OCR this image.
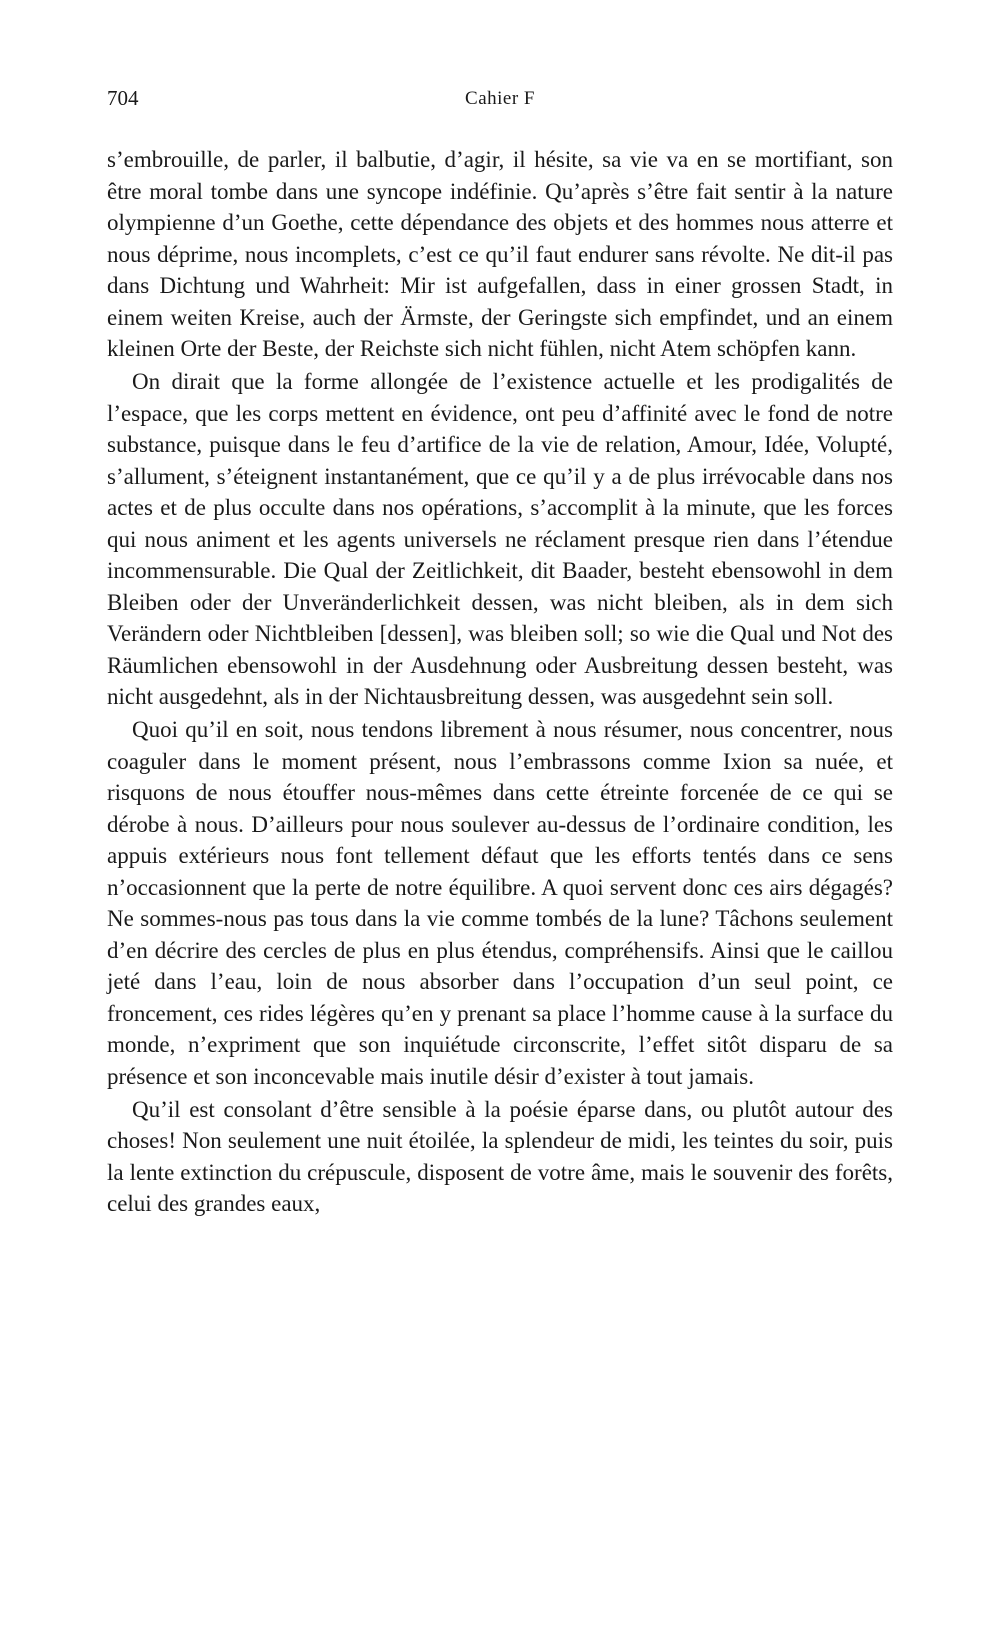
704	Cahier F

s’embrouille, de parler, il balbutie, d’agir, il hésite, sa vie va en se mortifiant, son être moral tombe dans une syncope indéfinie. Qu’après s’être fait sentir à la nature olympienne d’un Goethe, cette dépendance des objets et des hommes nous atterre et nous déprime, nous incomplets, c’est ce qu’il faut endurer sans révolte. Ne dit-il pas dans Dichtung und Wahrheit: Mir ist aufgefallen, dass in einer grossen Stadt, in einem weiten Kreise, auch der Ärmste, der Geringste sich empfindet, und an einem kleinen Orte der Beste, der Reichste sich nicht fühlen, nicht Atem schöpfen kann.

On dirait que la forme allongée de l’existence actuelle et les prodigalités de l’espace, que les corps mettent en évidence, ont peu d’affinité avec le fond de notre substance, puisque dans le feu d’artifice de la vie de relation, Amour, Idée, Volupté, s’allument, s’éteignent instantanément, que ce qu’il y a de plus irrévocable dans nos actes et de plus occulte dans nos opérations, s’accomplit à la minute, que les forces qui nous animent et les agents universels ne réclament presque rien dans l’étendue incommensurable. Die Qual der Zeitlichkeit, dit Baader, besteht ebensowohl in dem Bleiben oder der Unveränderlichkeit dessen, was nicht bleiben, als in dem sich Verändern oder Nichtbleiben [dessen], was bleiben soll; so wie die Qual und Not des Räumlichen ebensowohl in der Ausdehnung oder Ausbreitung dessen besteht, was nicht ausgedehnt, als in der Nichtausbreitung dessen, was ausgedehnt sein soll.

Quoi qu’il en soit, nous tendons librement à nous résumer, nous concentrer, nous coaguler dans le moment présent, nous l’embrassons comme Ixion sa nuée, et risquons de nous étouffer nous-mêmes dans cette étreinte forcenée de ce qui se dérobe à nous. D’ailleurs pour nous soulever au-dessus de l’ordinaire condition, les appuis extérieurs nous font tellement défaut que les efforts tentés dans ce sens n’occasionnent que la perte de notre équilibre. A quoi servent donc ces airs dégagés? Ne sommes-nous pas tous dans la vie comme tombés de la lune? Tâchons seulement d’en décrire des cercles de plus en plus étendus, compréhensifs. Ainsi que le caillou jeté dans l’eau, loin de nous absorber dans l’occupation d’un seul point, ce froncement, ces rides légères qu’en y prenant sa place l’homme cause à la surface du monde, n’expriment que son inquiétude circonscrite, l’effet sitôt disparu de sa présence et son inconcevable mais inutile désir d’exister à tout jamais.

Qu’il est consolant d’être sensible à la poésie éparse dans, ou plutôt autour des choses! Non seulement une nuit étoilée, la splendeur de midi, les teintes du soir, puis la lente extinction du crépuscule, disposent de votre âme, mais le souvenir des forêts, celui des grandes eaux,
